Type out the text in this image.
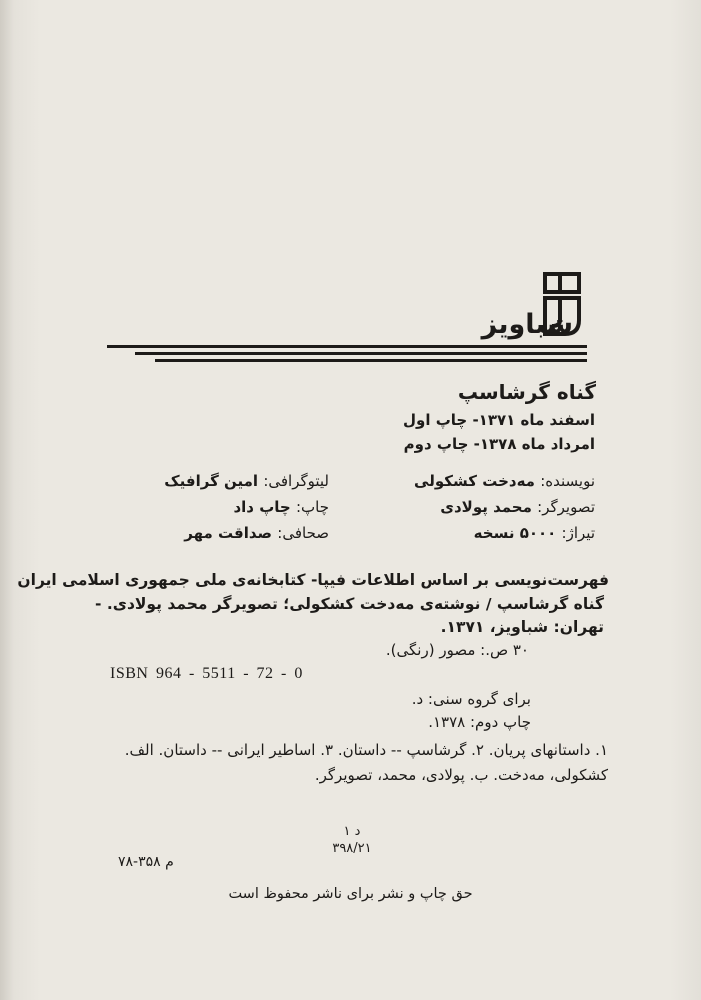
شباویز
گناه گرشاسپ
اسفند ماه ۱۳۷۱- چاپ اول
امرداد ماه ۱۳۷۸- چاپ دوم
نویسنده: مه‌دخت کشکولی
تصویرگر: محمد پولادی
تیراژ: ۵۰۰۰ نسخه
لیتوگرافی: امین گرافیک
چاپ: چاپ داد
صحافی: صداقت مهر
فهرست‌نویسی بر اساس اطلاعات فیپا- کتابخانه‌ی ملی جمهوری اسلامی ایران
گناه گرشاسپ / نوشته‌ی مه‌دخت کشکولی؛ تصویرگر محمد پولادی. -
تهران: شباویز، ۱۳۷۱.
۳۰ ص.: مصور (رنگی).
ISBN 964 - 5511 - 72 - 0
برای گروه سنی: د.
چاپ دوم: ۱۳۷۸.
۱. داستانهای پریان. ۲. گرشاسپ -- داستان. ۳. اساطیر ایرانی -- داستان. الف.
کشکولی، مه‌دخت. ب. پولادی، محمد، تصویرگر.
د ۱
۳۹۸/۲۱
م ۳۵۸-۷۸
حق چاپ و نشر برای ناشر محفوظ است
